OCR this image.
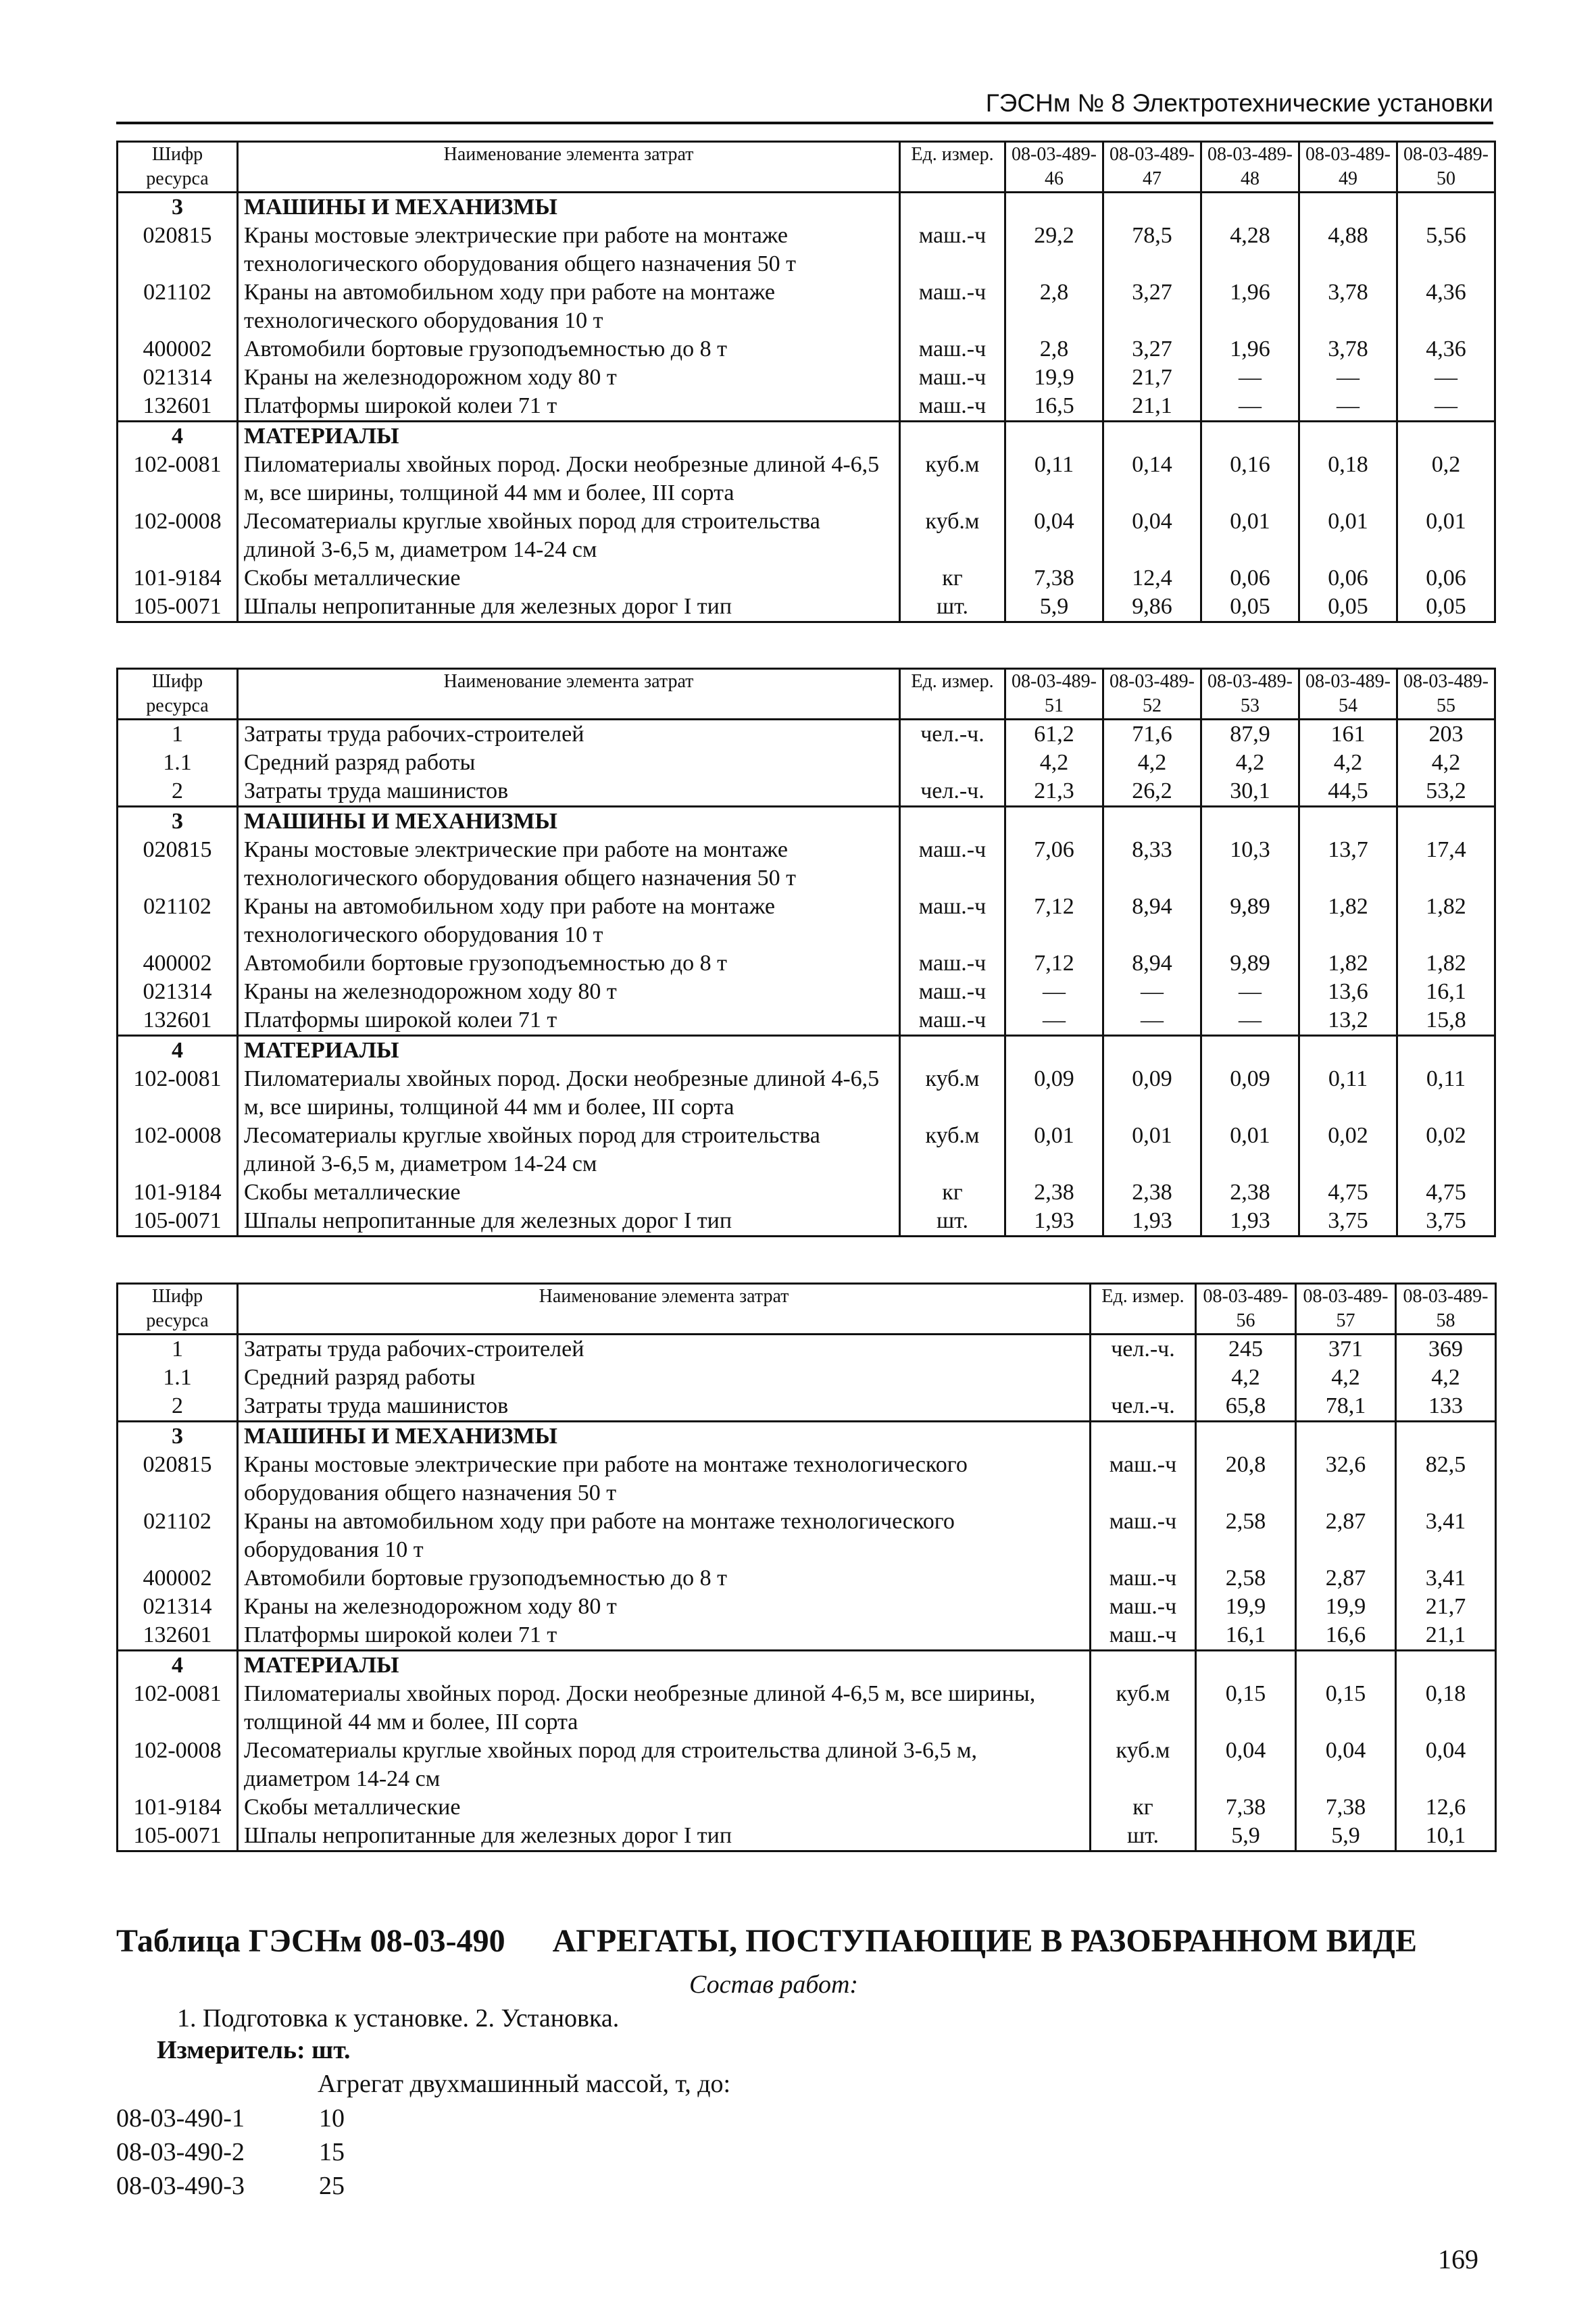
ГЭСНм № 8 Электротехнические установки
Шифр ресурса	Наименование элемента затрат	Ед. измер.	08-03-489-46	08-03-489-47	08-03-489-48	08-03-489-49	08-03-489-50
3	МАШИНЫ И МЕХАНИЗМЫ						
020815	Краны мостовые электрические при работе на монтаже технологического оборудования общего назначения 50 т	маш.-ч	29,2	78,5	4,28	4,88	5,56
021102	Краны на автомобильном ходу при работе на монтаже технологического оборудования 10 т	маш.-ч	2,8	3,27	1,96	3,78	4,36
400002	Автомобили бортовые грузоподъемностью до 8 т	маш.-ч	2,8	3,27	1,96	3,78	4,36
021314	Краны на железнодорожном ходу 80 т	маш.-ч	19,9	21,7	—	—	—
132601	Платформы широкой колеи 71 т	маш.-ч	16,5	21,1	—	—	—
4	МАТЕРИАЛЫ						
102-0081	Пиломатериалы хвойных пород. Доски необрезные длиной 4-6,5 м, все ширины, толщиной 44 мм и более, III сорта	куб.м	0,11	0,14	0,16	0,18	0,2
102-0008	Лесоматериалы круглые хвойных пород для строительства длиной 3-6,5 м, диаметром 14-24 см	куб.м	0,04	0,04	0,01	0,01	0,01
101-9184	Скобы металлические	кг	7,38	12,4	0,06	0,06	0,06
105-0071	Шпалы непропитанные для железных дорог I тип	шт.	5,9	9,86	0,05	0,05	0,05
Шифр ресурса	Наименование элемента затрат	Ед. измер.	08-03-489-51	08-03-489-52	08-03-489-53	08-03-489-54	08-03-489-55
1	Затраты труда рабочих-строителей	чел.-ч.	61,2	71,6	87,9	161	203
1.1	Средний разряд работы		4,2	4,2	4,2	4,2	4,2
2	Затраты труда машинистов	чел.-ч.	21,3	26,2	30,1	44,5	53,2
3	МАШИНЫ И МЕХАНИЗМЫ						
020815	Краны мостовые электрические при работе на монтаже технологического оборудования общего назначения 50 т	маш.-ч	7,06	8,33	10,3	13,7	17,4
021102	Краны на автомобильном ходу при работе на монтаже технологического оборудования 10 т	маш.-ч	7,12	8,94	9,89	1,82	1,82
400002	Автомобили бортовые грузоподъемностью до 8 т	маш.-ч	7,12	8,94	9,89	1,82	1,82
021314	Краны на железнодорожном ходу 80 т	маш.-ч	—	—	—	13,6	16,1
132601	Платформы широкой колеи 71 т	маш.-ч	—	—	—	13,2	15,8
4	МАТЕРИАЛЫ						
102-0081	Пиломатериалы хвойных пород. Доски необрезные длиной 4-6,5 м, все ширины, толщиной 44 мм и более, III сорта	куб.м	0,09	0,09	0,09	0,11	0,11
102-0008	Лесоматериалы круглые хвойных пород для строительства длиной 3-6,5 м, диаметром 14-24 см	куб.м	0,01	0,01	0,01	0,02	0,02
101-9184	Скобы металлические	кг	2,38	2,38	2,38	4,75	4,75
105-0071	Шпалы непропитанные для железных дорог I тип	шт.	1,93	1,93	1,93	3,75	3,75
Шифр ресурса	Наименование элемента затрат	Ед. измер.	08-03-489-56	08-03-489-57	08-03-489-58
1	Затраты труда рабочих-строителей	чел.-ч.	245	371	369
1.1	Средний разряд работы		4,2	4,2	4,2
2	Затраты труда машинистов	чел.-ч.	65,8	78,1	133
3	МАШИНЫ И МЕХАНИЗМЫ				
020815	Краны мостовые электрические при работе на монтаже технологического оборудования общего назначения 50 т	маш.-ч	20,8	32,6	82,5
021102	Краны на автомобильном ходу при работе на монтаже технологического оборудования 10 т	маш.-ч	2,58	2,87	3,41
400002	Автомобили бортовые грузоподъемностью до 8 т	маш.-ч	2,58	2,87	3,41
021314	Краны на железнодорожном ходу 80 т	маш.-ч	19,9	19,9	21,7
132601	Платформы широкой колеи 71 т	маш.-ч	16,1	16,6	21,1
4	МАТЕРИАЛЫ				
102-0081	Пиломатериалы хвойных пород. Доски необрезные длиной 4-6,5 м, все ширины, толщиной 44 мм и более, III сорта	куб.м	0,15	0,15	0,18
102-0008	Лесоматериалы круглые хвойных пород для строительства длиной 3-6,5 м, диаметром 14-24 см	куб.м	0,04	0,04	0,04
101-9184	Скобы металлические	кг	7,38	7,38	12,6
105-0071	Шпалы непропитанные для железных дорог I тип	шт.	5,9	5,9	10,1
Таблица ГЭСНм 08-03-490 АГРЕГАТЫ, ПОСТУПАЮЩИЕ В РАЗОБРАННОМ ВИДЕ
Состав работ:
1. Подготовка к установке. 2. Установка.
Измеритель: шт.
Агрегат двухмашинный массой, т, до:
08-03-490-1	10
08-03-490-2	15
08-03-490-3	25
169
